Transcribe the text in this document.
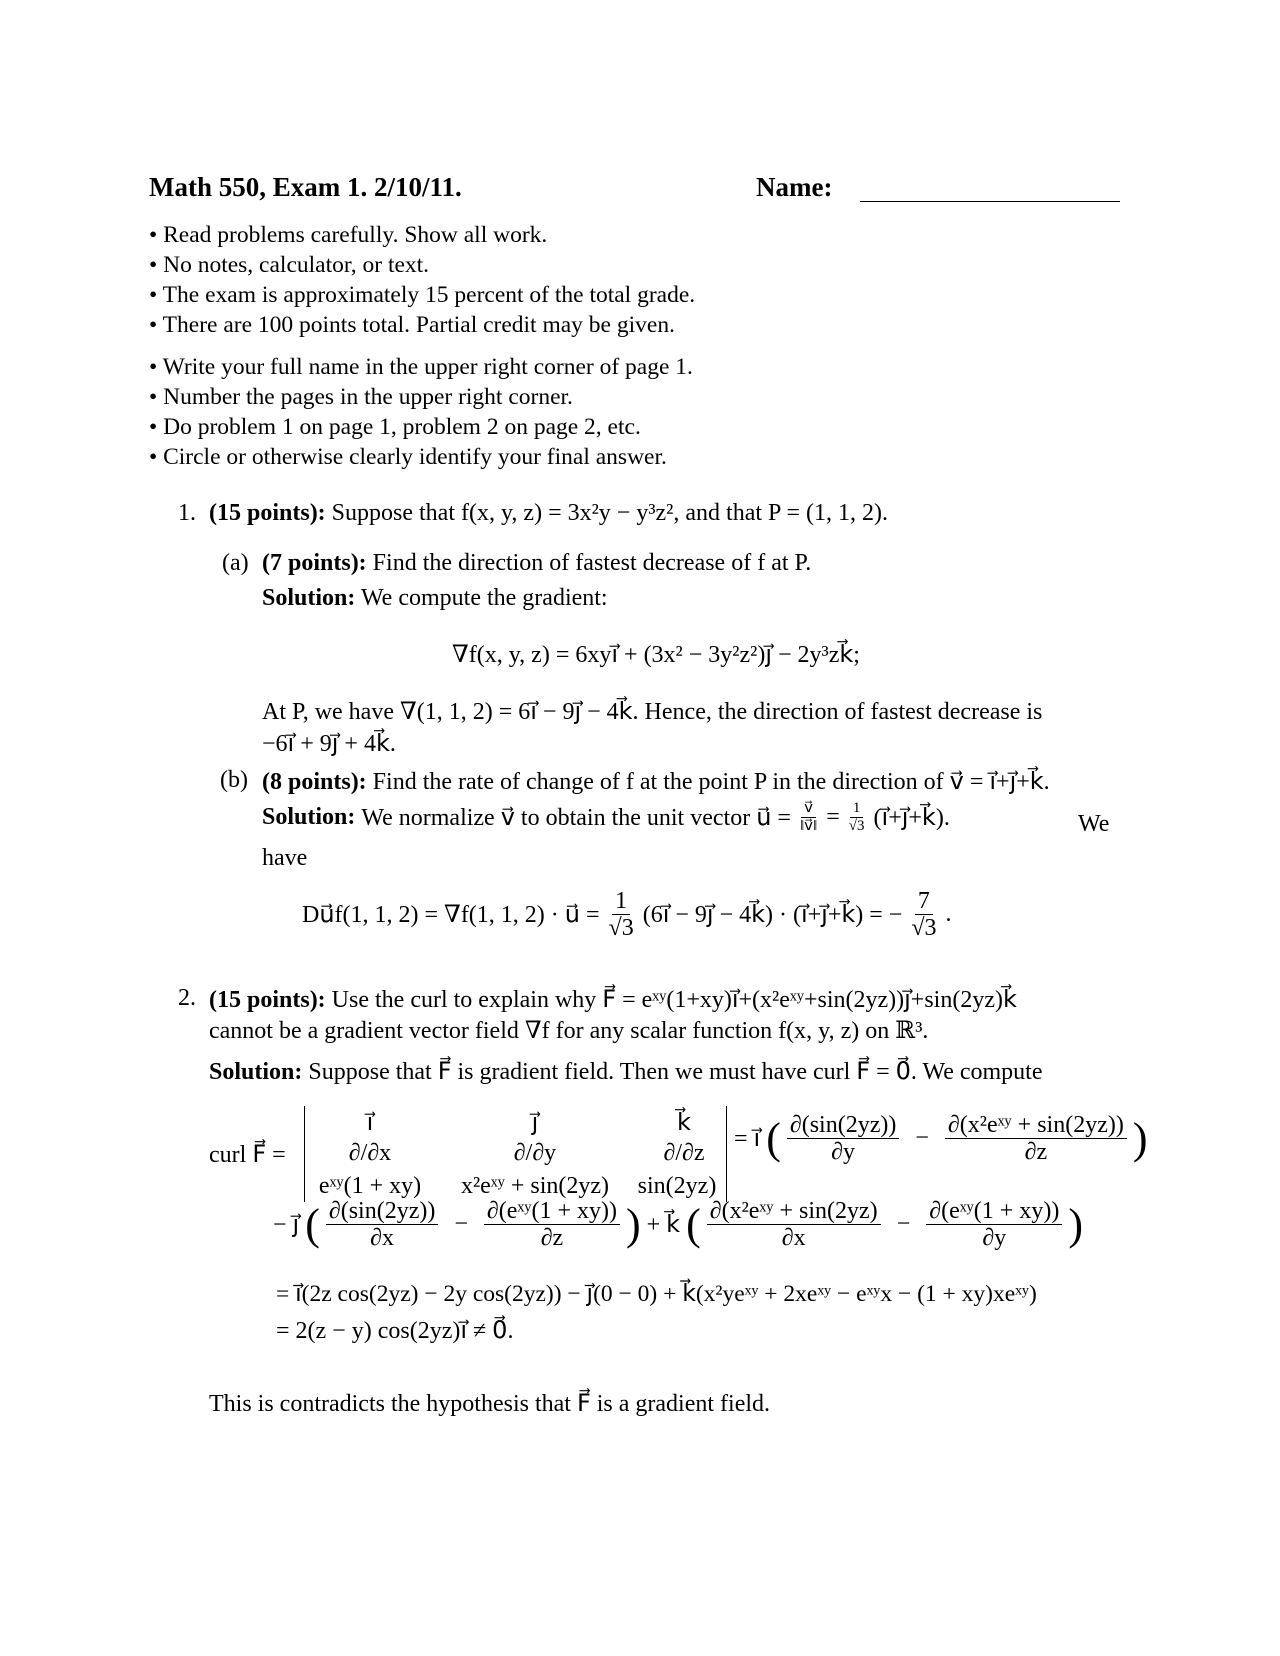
Math 550, Exam 1. 2/10/11.	Name:
• Read problems carefully. Show all work.
• No notes, calculator, or text.
• The exam is approximately 15 percent of the total grade.
• There are 100 points total. Partial credit may be given.
• Write your full name in the upper right corner of page 1.
• Number the pages in the upper right corner.
• Do problem 1 on page 1, problem 2 on page 2, etc.
• Circle or otherwise clearly identify your final answer.
1. (15 points): Suppose that f(x, y, z) = 3x²y − y³z², and that P = (1, 1, 2).
(a) (7 points): Find the direction of fastest decrease of f at P.
Solution: We compute the gradient:
∇f(x, y, z) = 6xyi⃗ + (3x² − 3y²z²)j⃗ − 2y³zk⃗;
At P, we have ∇(1, 1, 2) = 6i⃗ − 9j⃗ − 4k⃗. Hence, the direction of fastest decrease is
−6i⃗ + 9j⃗ + 4k⃗.
(b) (8 points): Find the rate of change of f at the point P in the direction of v⃗ = i⃗+j⃗+k⃗.
Solution: We normalize v⃗ to obtain the unit vector u⃗ = $\frac{v⃗}{‖v⃗‖} = \frac{1}{√3}$ (i⃗+j⃗+k⃗).	We
have
Du⃗f(1, 1, 2) = ∇f(1, 1, 2) · u⃗ = $\frac{1}{√3}$ (6i⃗ − 9j⃗ − 4k⃗) · (i⃗+j⃗+k⃗) = − $\frac{7}{√3}$ .
2. (15 points): Use the curl to explain why F⃗ = eˣʸ(1+xy)i⃗+(x²eˣʸ+sin(2yz))j⃗+sin(2yz)k⃗
cannot be a gradient vector field ∇f for any scalar function f(x, y, z) on ℝ³.
Solution: Suppose that F⃗ is gradient field. Then we must have curl F⃗ = 0⃗. We compute
curl F⃗ =
i⃗	j⃗	k⃗
∂/∂x	∂/∂y	∂/∂z
eˣʸ(1 + xy)	x²eˣʸ + sin(2yz)	sin(2yz)
= i⃗ ( $\frac{\partial(\sin(2yz))}{\partial y} - \frac{\text{∂(x²eˣʸ + sin(2yz))}}{\partial z}$ )
− j⃗ ( $\frac{\partial(\sin(2yz))}{\partial x} - \frac{\text{∂(eˣʸ(1 + xy))}}{\partial z}$ ) + k⃗ ( $\frac{\text{∂(x²eˣʸ + sin(2yz)}}{\partial x} - \frac{\text{∂(eˣʸ(1 + xy))}}{\partial y}$ )
= i⃗(2z cos(2yz) − 2y cos(2yz)) − j⃗(0 − 0) + k⃗(x²yeˣʸ + 2xeˣʸ − eˣʸx − (1 + xy)xeˣʸ)
= 2(z − y) cos(2yz)i⃗ ≠ 0⃗.
This is contradicts the hypothesis that F⃗ is a gradient field.
